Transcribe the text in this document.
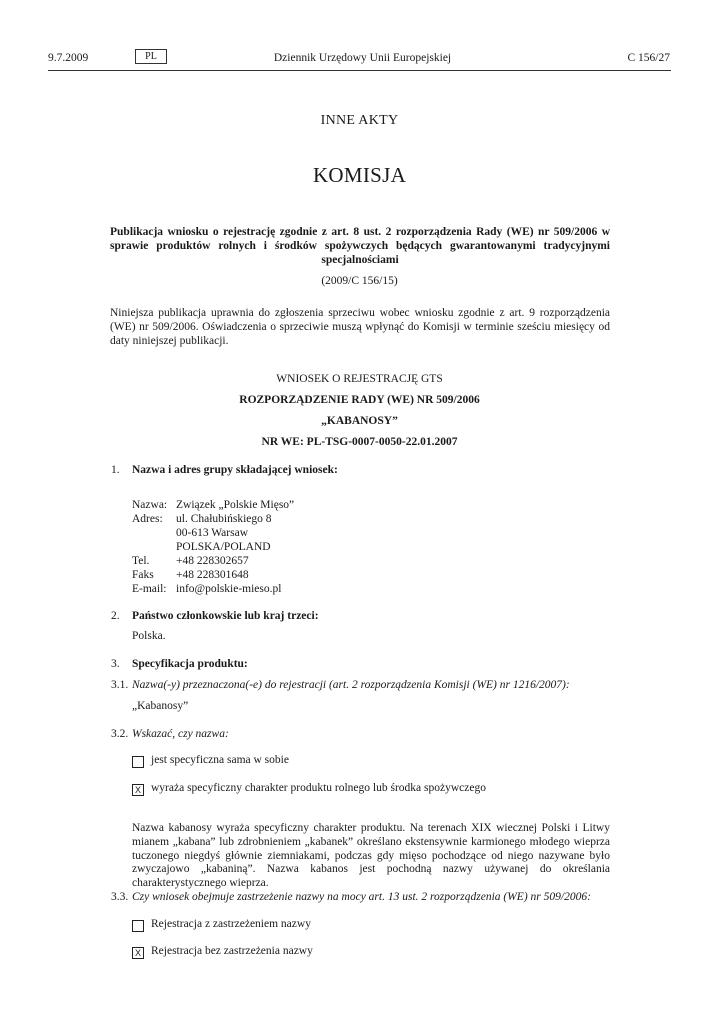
9.7.2009	PL	Dziennik Urzędowy Unii Europejskiej	C 156/27
INNE AKTY
KOMISJA
Publikacja wniosku o rejestrację zgodnie z art. 8 ust. 2 rozporządzenia Rady (WE) nr 509/2006 w sprawie produktów rolnych i środków spożywczych będących gwarantowanymi tradycyjnymi specjalnościami
(2009/C 156/15)
Niniejsza publikacja uprawnia do zgłoszenia sprzeciwu wobec wniosku zgodnie z art. 9 rozporządzenia (WE) nr 509/2006. Oświadczenia o sprzeciwie muszą wpłynąć do Komisji w terminie sześciu miesięcy od daty niniejszej publikacji.
WNIOSEK O REJESTRACJĘ GTS
ROZPORZĄDZENIE RADY (WE) NR 509/2006
„KABANOSY”
NR WE: PL-TSG-0007-0050-22.01.2007
1. Nazwa i adres grupy składającej wniosek:
Nazwa: Związek „Polskie Mięso”
Adres: ul. Chałubińskiego 8
00-613 Warsaw
POLSKA/POLAND
Tel. +48 228302657
Faks +48 228301648
E-mail: info@polskie-mieso.pl
2. Państwo członkowskie lub kraj trzeci:
Polska.
3. Specyfikacja produktu:
3.1. Nazwa(-y) przeznaczona(-e) do rejestracji (art. 2 rozporządzenia Komisji (WE) nr 1216/2007):
„Kabanosy”
3.2. Wskazać, czy nazwa:
jest specyficzna sama w sobie
X wyraża specyficzny charakter produktu rolnego lub środka spożywczego
Nazwa kabanosy wyraża specyficzny charakter produktu. Na terenach XIX wiecznej Polski i Litwy mianem „kabana” lub zdrobnieniem „kabanek” określano ekstensywnie karmionego młodego wieprza tuczonego niegdyś głównie ziemniakami, podczas gdy mięso pochodzące od niego nazywane było zwyczajowo „kabaniną”. Nazwa kabanos jest pochodną nazwy używanej do określania charakterystycznego wieprza.
3.3. Czy wniosek obejmuje zastrzeżenie nazwy na mocy art. 13 ust. 2 rozporządzenia (WE) nr 509/2006:
Rejestracja z zastrzeżeniem nazwy
X Rejestracja bez zastrzeżenia nazwy
